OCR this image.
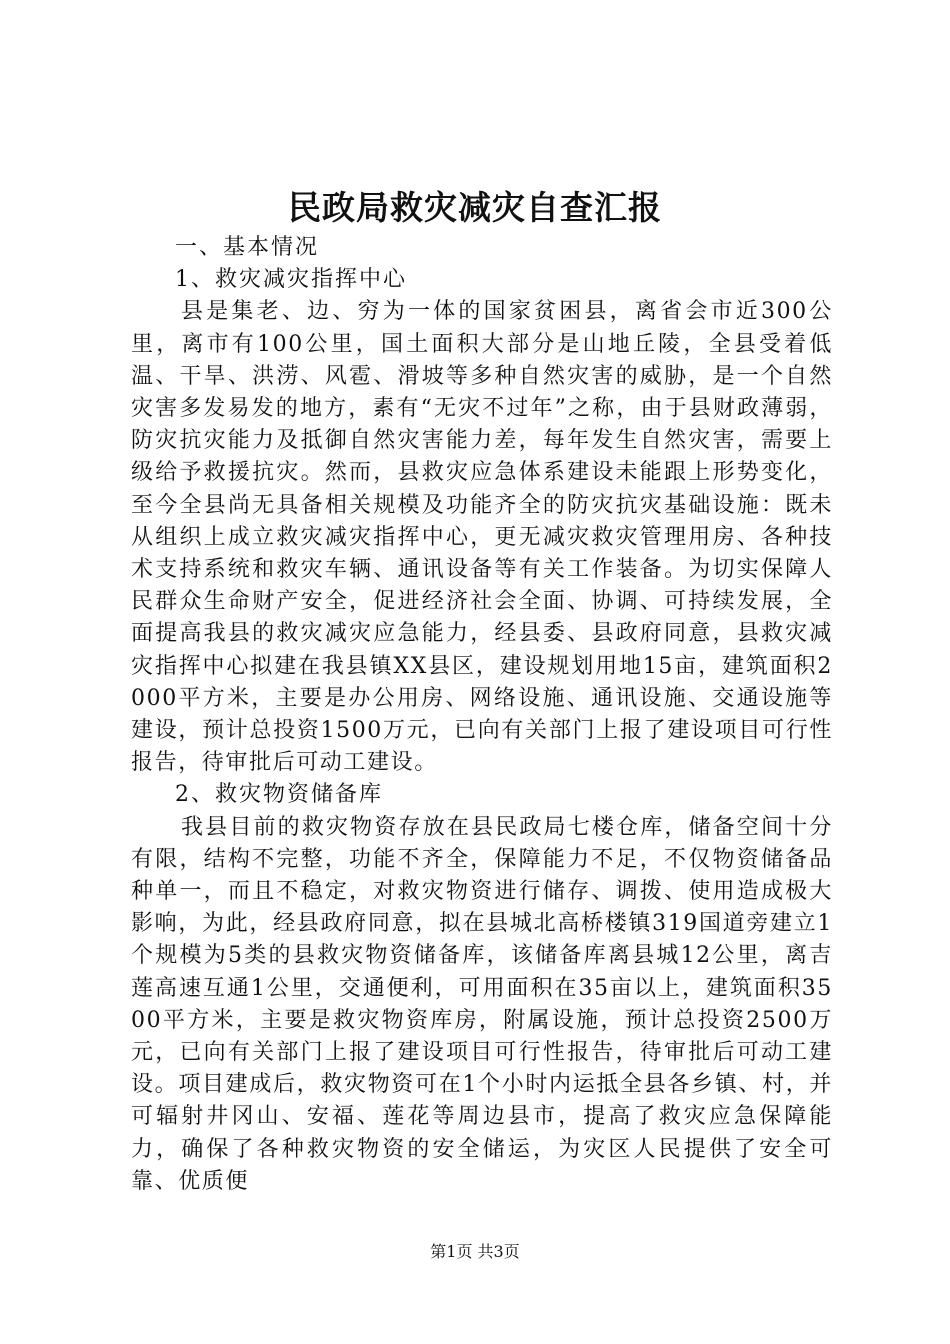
民政局救灾减灾自查汇报

一、基本情况

1、救灾减灾指挥中心

县是集老、边、穷为一体的国家贫困县，离省会市近300公里，离市有100公里，国土面积大部分是山地丘陵，全县受着低温、干旱、洪涝、风雹、滑坡等多种自然灾害的威胁，是一个自然灾害多发易发的地方，素有“无灾不过年”之称，由于县财政薄弱，防灾抗灾能力及抵御自然灾害能力差，每年发生自然灾害，需要上级给予救援抗灾。然而，县救灾应急体系建设未能跟上形势变化，至今全县尚无具备相关规模及功能齐全的防灾抗灾基础设施：既未从组织上成立救灾减灾指挥中心，更无减灾救灾管理用房、各种技术支持系统和救灾车辆、通讯设备等有关工作装备。为切实保障人民群众生命财产安全，促进经济社会全面、协调、可持续发展，全面提高我县的救灾减灾应急能力，经县委、县政府同意，县救灾减灾指挥中心拟建在我县镇XX县区，建设规划用地15亩，建筑面积2000平方米，主要是办公用房、网络设施、通讯设施、交通设施等建设，预计总投资1500万元，已向有关部门上报了建设项目可行性报告，待审批后可动工建设。

2、救灾物资储备库

我县目前的救灾物资存放在县民政局七楼仓库，储备空间十分有限，结构不完整，功能不齐全，保障能力不足，不仅物资储备品种单一，而且不稳定，对救灾物资进行储存、调拨、使用造成极大影响，为此，经县政府同意，拟在县城北高桥楼镇319国道旁建立1个规模为5类的县救灾物资储备库，该储备库离县城12公里，离吉莲高速互通1公里，交通便利，可用面积在35亩以上，建筑面积3500平方米，主要是救灾物资库房，附属设施，预计总投资2500万元，已向有关部门上报了建设项目可行性报告，待审批后可动工建设。项目建成后，救灾物资可在1个小时内运抵全县各乡镇、村，并可辐射井冈山、安福、莲花等周边县市，提高了救灾应急保障能力，确保了各种救灾物资的安全储运，为灾区人民提供了安全可靠、优质便

第1页 共3页
